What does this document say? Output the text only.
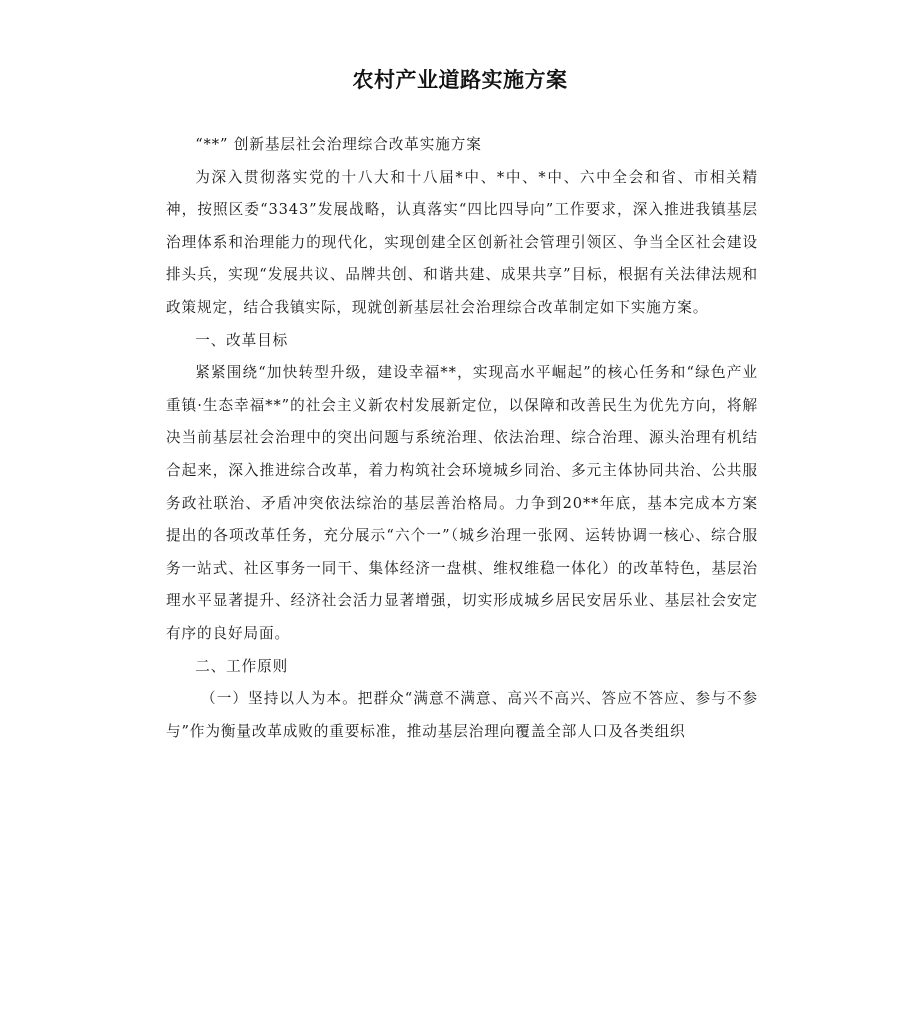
农村产业道路实施方案

“**” 创新基层社会治理综合改革实施方案

为深入贯彻落实党的十八大和十八届*中、*中、*中、六中全会和省、市相关精神，按照区委“3343”发展战略，认真落实“四比四导向”工作要求，深入推进我镇基层治理体系和治理能力的现代化，实现创建全区创新社会管理引领区、争当全区社会建设排头兵，实现“发展共议、品牌共创、和谐共建、成果共享”目标，根据有关法律法规和政策规定，结合我镇实际，现就创新基层社会治理综合改革制定如下实施方案。

一、改革目标

紧紧围绕“加快转型升级，建设幸福**，实现高水平崛起”的核心任务和“绿色产业重镇·生态幸福**”的社会主义新农村发展新定位，以保障和改善民生为优先方向，将解决当前基层社会治理中的突出问题与系统治理、依法治理、综合治理、源头治理有机结合起来，深入推进综合改革，着力构筑社会环境城乡同治、多元主体协同共治、公共服务政社联治、矛盾冲突依法综治的基层善治格局。力争到20**年底，基本完成本方案提出的各项改革任务，充分展示“六个一”（城乡治理一张网、运转协调一核心、综合服务一站式、社区事务一同干、集体经济一盘棋、维权维稳一体化）的改革特色，基层治理水平显著提升、经济社会活力显著增强，切实形成城乡居民安居乐业、基层社会安定有序的良好局面。

二、工作原则

（一）坚持以人为本。把群众“满意不满意、高兴不高兴、答应不答应、参与不参与”作为衡量改革成败的重要标准，推动基层治理向覆盖全部人口及各类组织
